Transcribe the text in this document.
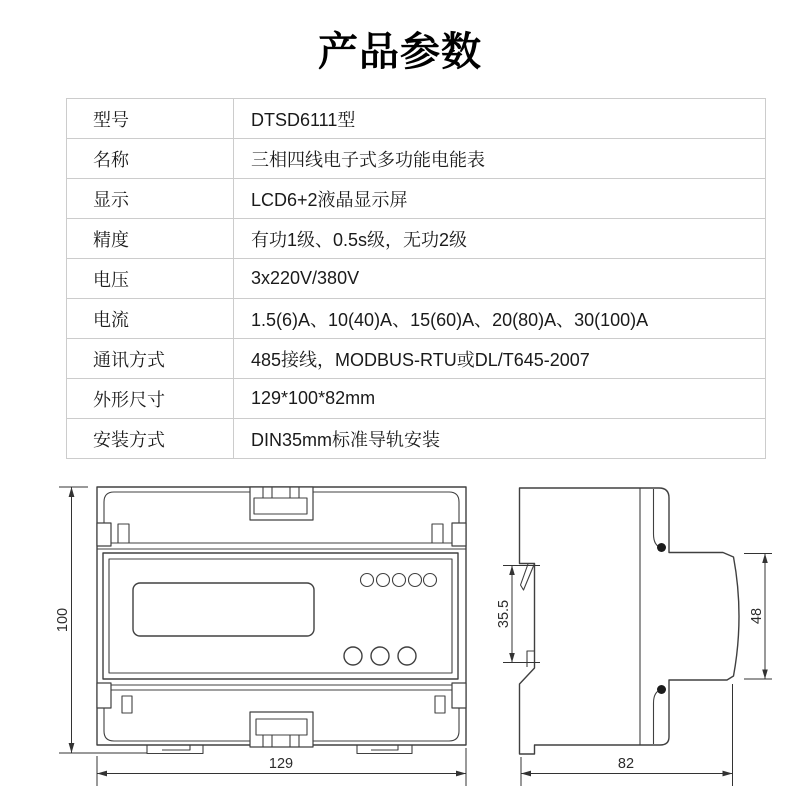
产品参数
型号	DTSD6111型
名称	三相四线电子式多功能电能表
显示	LCD6+2液晶显示屏
精度	有功1级、0.5s级，无功2级
电压	3x220V/380V
电流	1.5(6)A、10(40)A、15(60)A、20(80)A、30(100)A
通讯方式	485接线，MODBUS-RTU或DL/T645-2007
外形尺寸	129*100*82mm
安装方式	DIN35mm标准导轨安装
100
129
35.5	48
82
